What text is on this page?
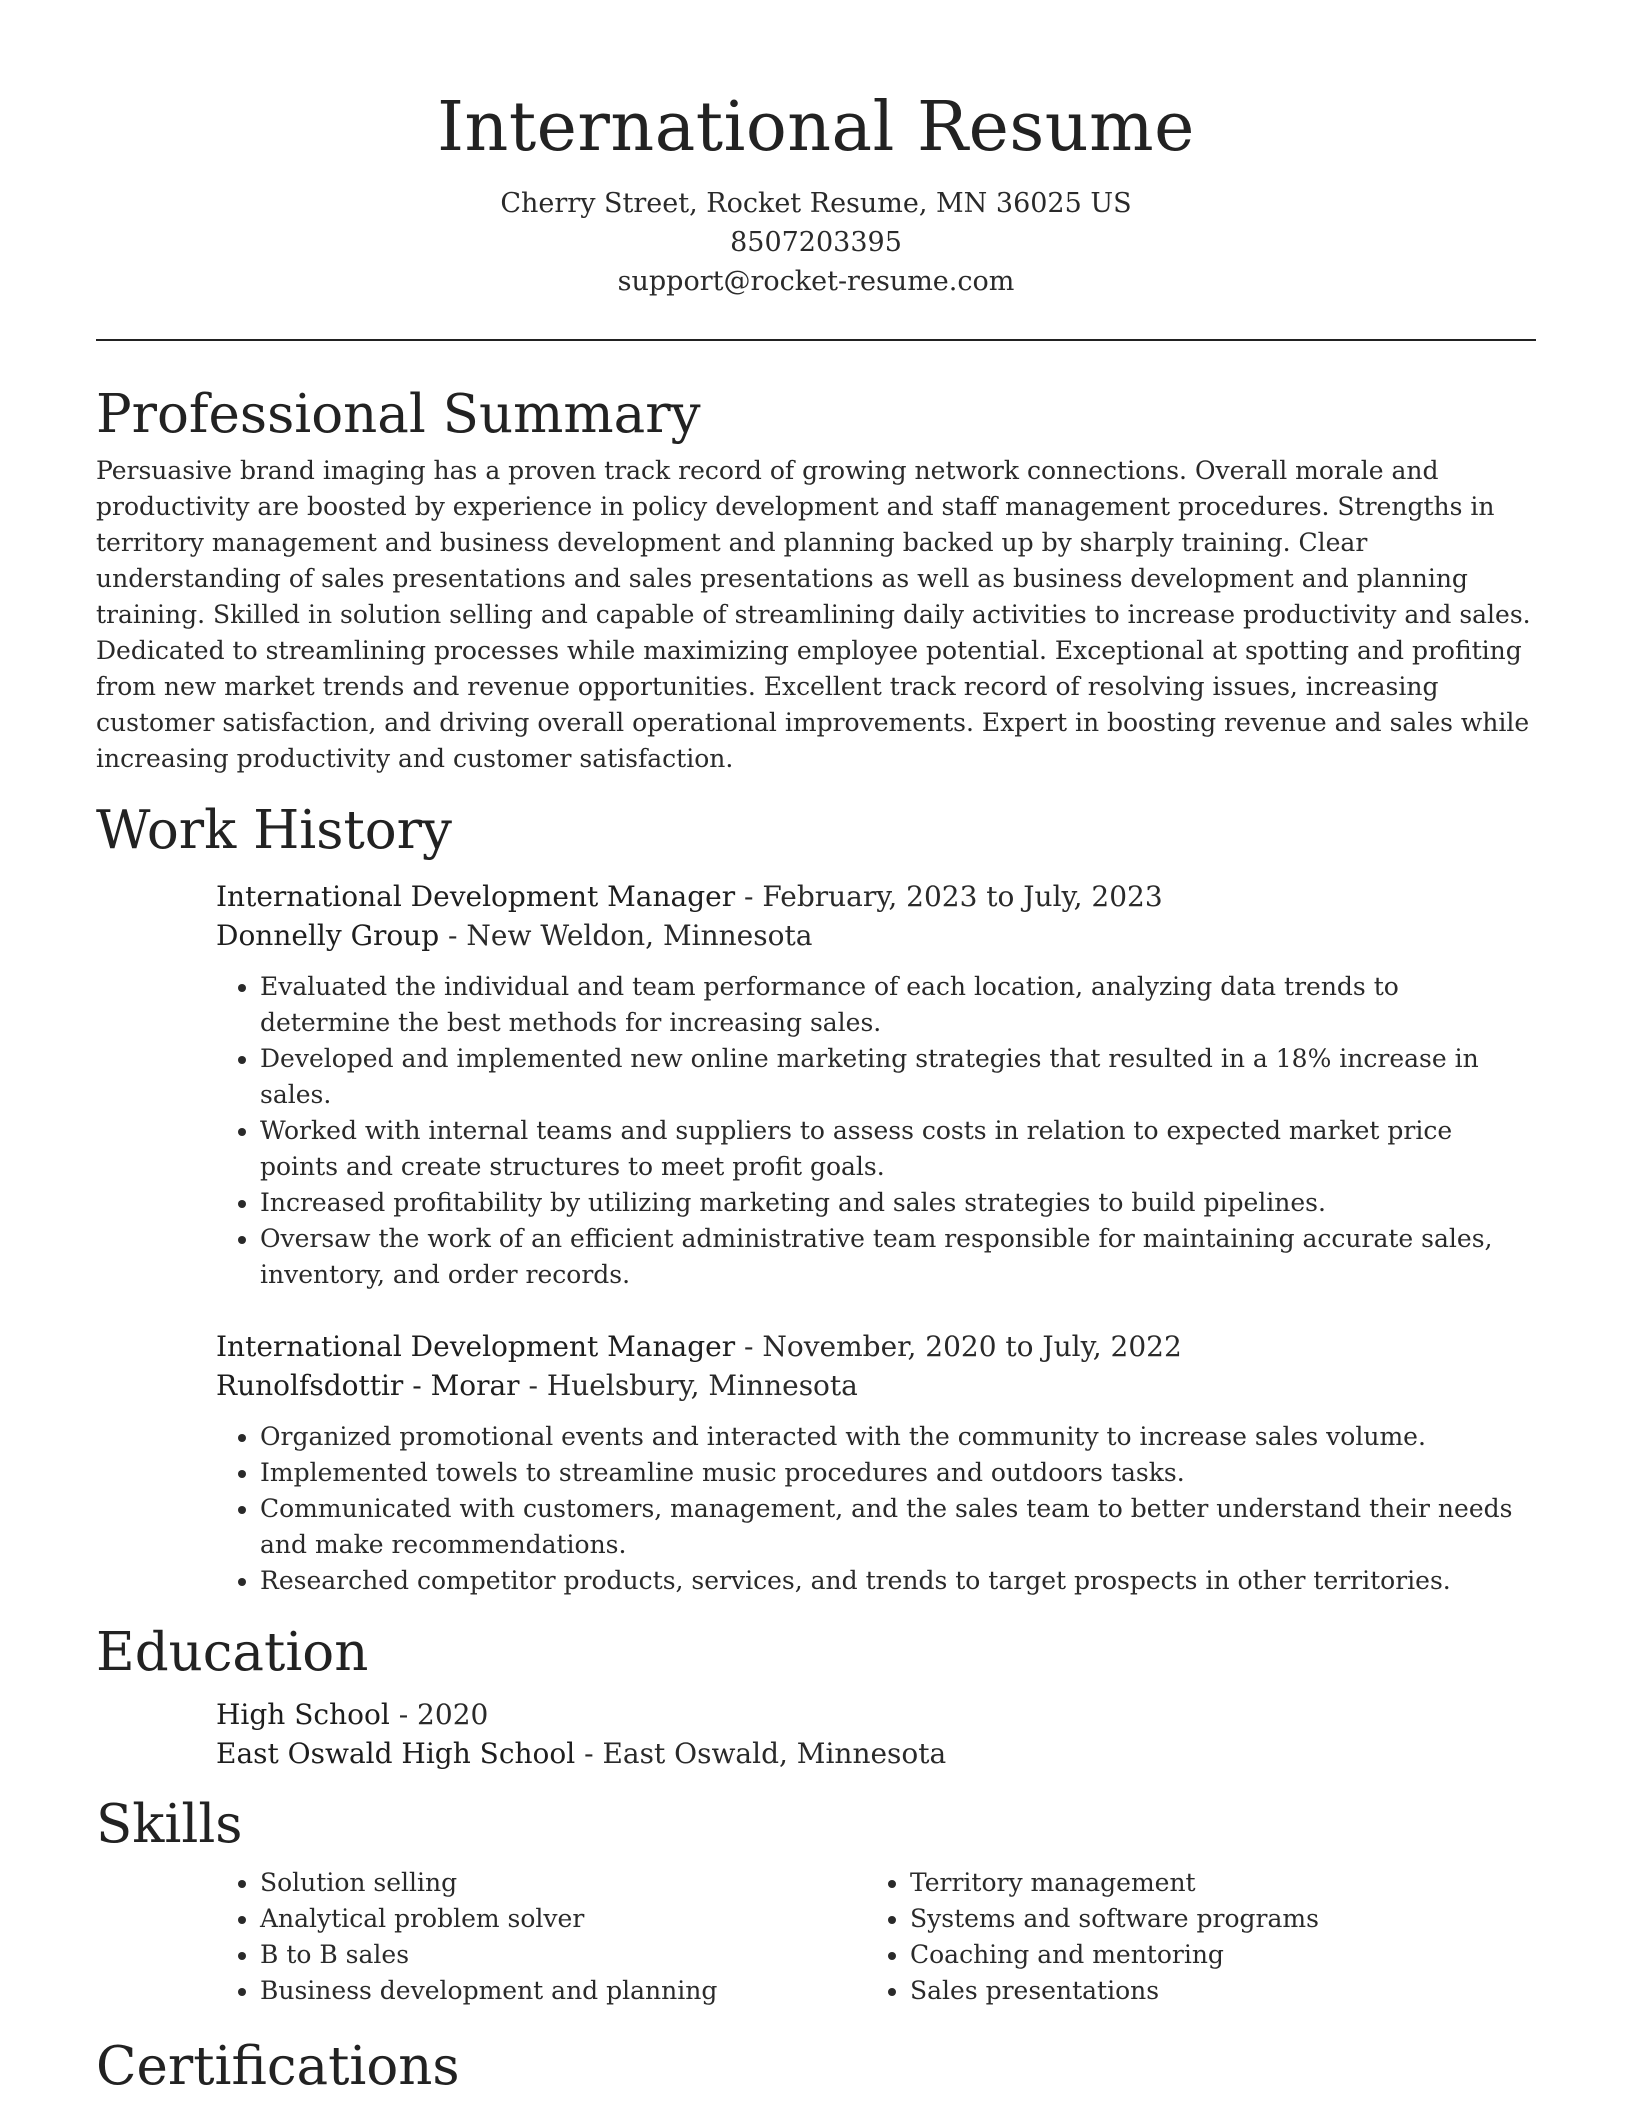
International Resume
Cherry Street, Rocket Resume, MN 36025 US
8507203395
support@rocket-resume.com
Professional Summary

Persuasive brand imaging has a proven track record of growing network connections. Overall morale and productivity are boosted by experience in policy development and staff management procedures. Strengths in territory management and business development and planning backed up by sharply training. Clear understanding of sales presentations and sales presentations as well as business development and planning training. Skilled in solution selling and capable of streamlining daily activities to increase productivity and sales. Dedicated to streamlining processes while maximizing employee potential. Exceptional at spotting and profiting from new market trends and revenue opportunities. Excellent track record of resolving issues, increasing customer satisfaction, and driving overall operational improvements. Expert in boosting revenue and sales while increasing productivity and customer satisfaction.

Work History
International Development Manager - February, 2023 to July, 2023
Donnelly Group - New Weldon, Minnesota
• Evaluated the individual and team performance of each location, analyzing data trends to determine the best methods for increasing sales.
• Developed and implemented new online marketing strategies that resulted in a 18% increase in sales.
• Worked with internal teams and suppliers to assess costs in relation to expected market price points and create structures to meet profit goals.
• Increased profitability by utilizing marketing and sales strategies to build pipelines.
• Oversaw the work of an efficient administrative team responsible for maintaining accurate sales, inventory, and order records.
International Development Manager - November, 2020 to July, 2022
Runolfsdottir - Morar - Huelsbury, Minnesota
• Organized promotional events and interacted with the community to increase sales volume.
• Implemented towels to streamline music procedures and outdoors tasks.
• Communicated with customers, management, and the sales team to better understand their needs and make recommendations.
• Researched competitor products, services, and trends to target prospects in other territories.
Education
High School - 2020
East Oswald High School - East Oswald, Minnesota
Skills
• Solution selling
• Analytical problem solver
• B to B sales
• Business development and planning
• Territory management
• Systems and software programs
• Coaching and mentoring
• Sales presentations
Certifications
